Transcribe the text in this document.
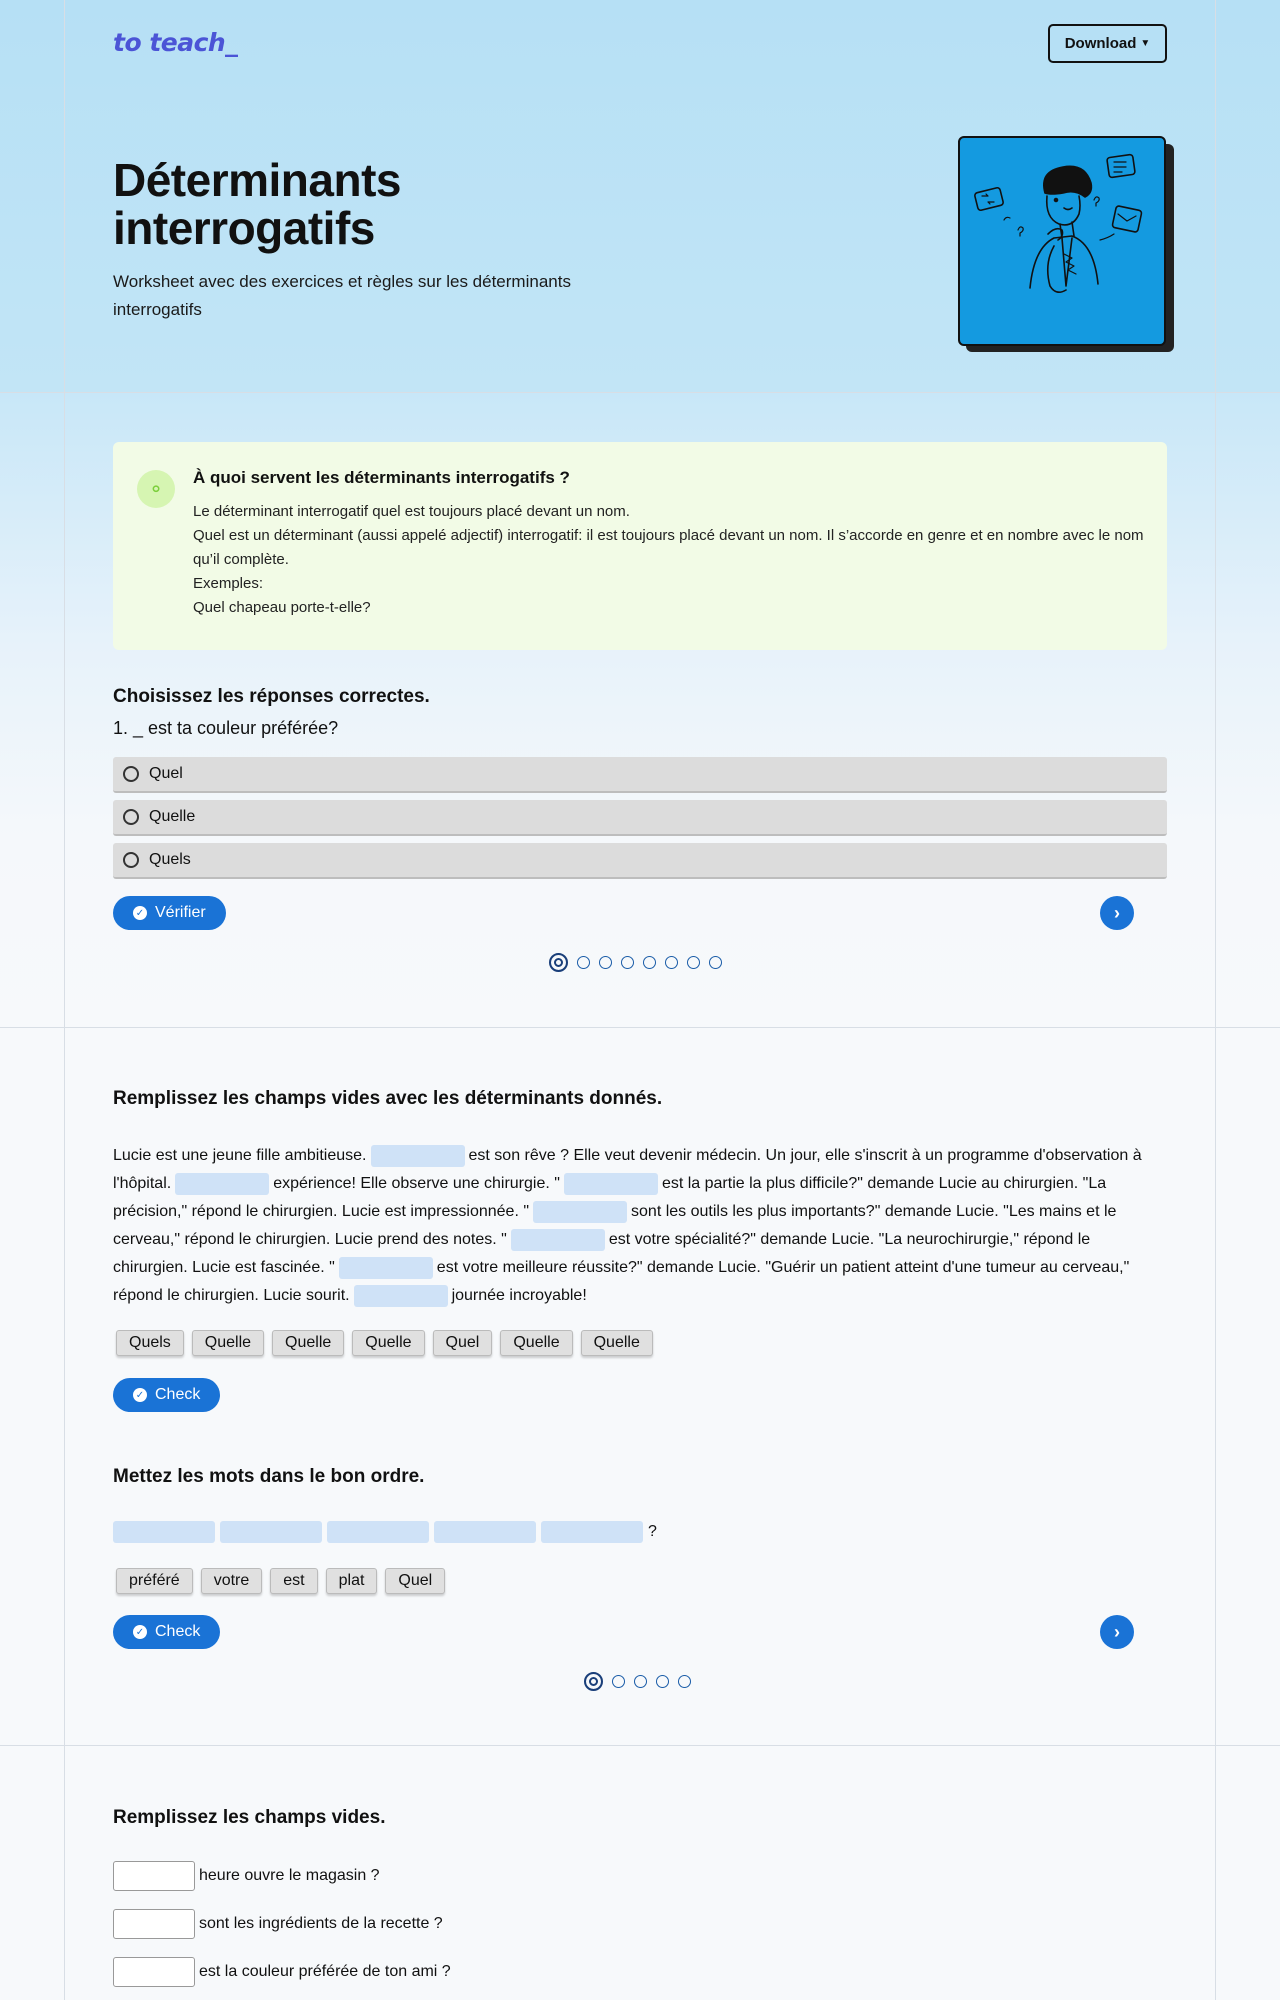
to teach_	Download ▼
Déterminants
interrogatifs
Worksheet avec des exercices et règles sur les déterminants interrogatifs
⚬
À quoi servent les déterminants interrogatifs ?
Le déterminant interrogatif quel est toujours placé devant un nom.
Quel est un déterminant (aussi appelé adjectif) interrogatif: il est toujours placé devant un nom. Il s’accorde en genre et en nombre avec le nom qu’il complète.
Exemples:
Quel chapeau porte-t-elle?
Choisissez les réponses correctes.
1. _ est ta couleur préférée?
Quel
Quelle
Quels
✓ Vérifier	›
Remplissez les champs vides avec les déterminants donnés.
Lucie est une jeune fille ambitieuse.	est son rêve ? Elle veut devenir médecin. Un jour, elle s'inscrit à un programme d'observation à l'hôpital.	expérience! Elle observe une chirurgie. "	est la partie la plus difficile?" demande Lucie au chirurgien. "La précision," répond le chirurgien. Lucie est impressionnée. "	sont les outils les plus importants?" demande Lucie. "Les mains et le cerveau," répond le chirurgien. Lucie prend des notes. "	est votre spécialité?" demande Lucie. "La neurochirurgie," répond le chirurgien. Lucie est fascinée. "	est votre meilleure réussite?" demande Lucie. "Guérir un patient atteint d'une tumeur au cerveau," répond le chirurgien. Lucie sourit.	journée incroyable!
Quels	Quelle	Quelle	Quelle	Quel	Quelle	Quelle
✓ Check
Mettez les mots dans le bon ordre.
?
préféré	votre	est	plat	Quel
✓ Check	›
Remplissez les champs vides.
heure ouvre le magasin ?
sont les ingrédients de la recette ?
est la couleur préférée de ton ami ?
